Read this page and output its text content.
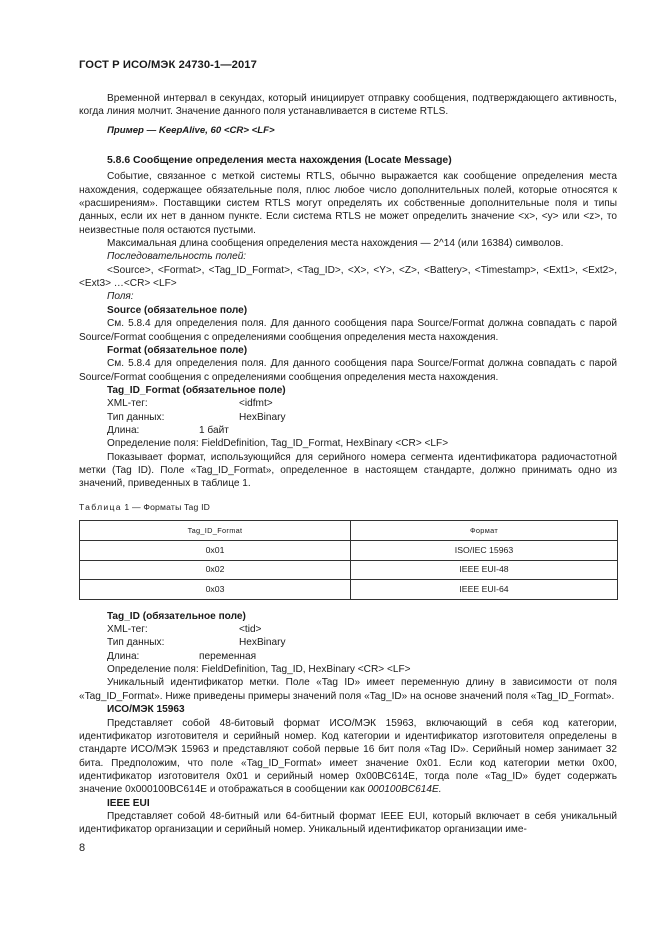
ГОСТ Р ИСО/МЭК 24730-1—2017

Временной интервал в секундах, который инициирует отправку сообщения, подтверждающего активность, когда линия молчит. Значение данного поля устанавливается в системе RTLS.

Пример — KeepAlive, 60 <CR> <LF>

5.8.6 Сообщение определения места нахождения (Locate Message)

Событие, связанное с меткой системы RTLS, обычно выражается как сообщение определения места нахождения, содержащее обязательные поля, плюс любое число дополнительных полей, которые относятся к «расширениям». Поставщики систем RTLS могут определять их собственные дополнительные поля и типы данных, если их нет в данном пункте. Если система RTLS не может определить значение <x>, <y> или <z>, то неизвестные поля остаются пустыми.

Максимальная длина сообщения определения места нахождения — 2^14 (или 16384) символов.

Последовательность полей:

<Source>, <Format>, <Tag_ID_Format>, <Tag_ID>, <X>, <Y>, <Z>, <Battery>, <Timestamp>, <Ext1>, <Ext2>, <Ext3> …<CR> <LF>

Поля:

Source (обязательное поле)

См. 5.8.4 для определения поля. Для данного сообщения пара Source/Format должна совпадать с парой Source/Format сообщения с определениями сообщения определения места нахождения.

Format (обязательное поле)

См. 5.8.4 для определения поля. Для данного сообщения пара Source/Format должна совпадать с парой Source/Format сообщения с определениями сообщения определения места нахождения.

Tag_ID_Format (обязательное поле)

XML-тег:	<idfmt>
Тип данных:	HexBinary
Длина:	1 байт

Определение поля: FieldDefinition, Tag_ID_Format, HexBinary <CR> <LF>

Показывает формат, использующийся для серийного номера сегмента идентификатора радиочастотной метки (Tag ID). Поле «Tag_ID_Format», определенное в настоящем стандарте, должно принимать одно из значений, приведенных в таблице 1.

Таблица 1 — Форматы Tag ID

Tag_ID_Format	Формат
0x01	ISO/IEC 15963
0x02	IEEE EUI-48
0x03	IEEE EUI-64

Tag_ID (обязательное поле)

XML-тег:	<tid>
Тип данных:	HexBinary
Длина:	переменная

Определение поля: FieldDefinition, Tag_ID, HexBinary <CR> <LF>

Уникальный идентификатор метки. Поле «Tag ID» имеет переменную длину в зависимости от поля «Tag_ID_Format». Ниже приведены примеры значений поля «Tag_ID» на основе значений поля «Tag_ID_Format».

ИСО/МЭК 15963

Представляет собой 48-битовый формат ИСО/МЭК 15963, включающий в себя код категории, идентификатор изготовителя и серийный номер. Код категории и идентификатор изготовителя определены в стандарте ИСО/МЭК 15963 и представляют собой первые 16 бит поля «Tag ID». Серийный номер занимает 32 бита. Предположим, что поле «Tag_ID_Format» имеет значение 0x01. Если код категории метки 0x00, идентификатор изготовителя 0x01 и серийный номер 0x00BC614E, тогда поле «Tag_ID» будет содержать значение 0x000100BC614E и отображаться в сообщении как 000100BC614E.

IEEE EUI

Представляет собой 48-битный или 64-битный формат IEEE EUI, который включает в себя уникальный идентификатор организации и серийный номер. Уникальный идентификатор организации име-

8
